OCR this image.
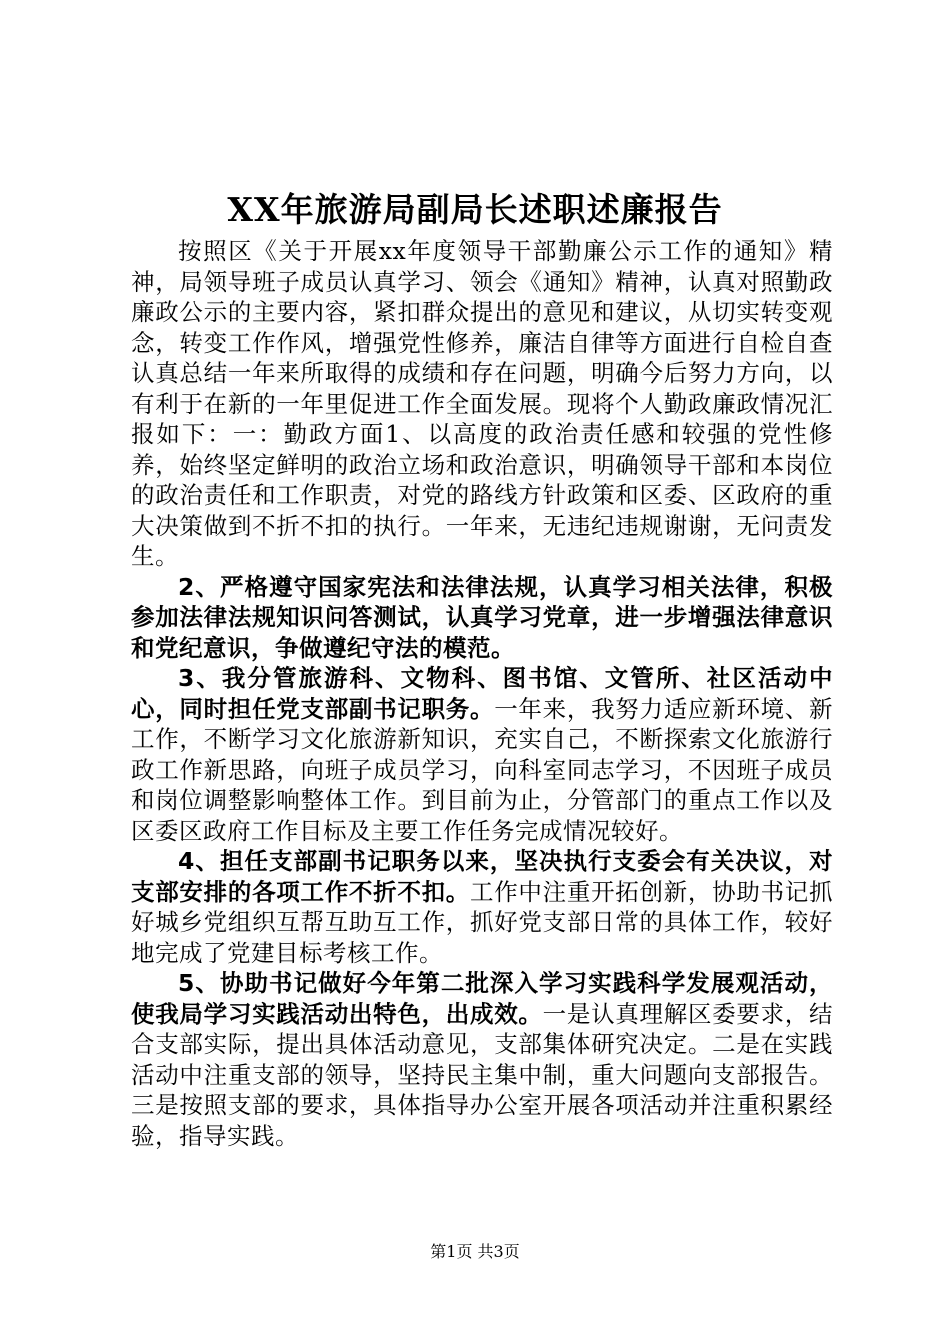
XX年旅游局副局长述职述廉报告

按照区《关于开展xx年度领导干部勤廉公示工作的通知》精神，局领导班子成员认真学习、领会《通知》精神，认真对照勤政廉政公示的主要内容，紧扣群众提出的意见和建议，从切实转变观念，转变工作作风，增强党性修养，廉洁自律等方面进行自检自查认真总结一年来所取得的成绩和存在问题，明确今后努力方向，以有利于在新的一年里促进工作全面发展。现将个人勤政廉政情况汇报如下：一：勤政方面1、以高度的政治责任感和较强的党性修养，始终坚定鲜明的政治立场和政治意识，明确领导干部和本岗位的政治责任和工作职责，对党的路线方针政策和区委、区政府的重大决策做到不折不扣的执行。一年来，无违纪违规谢谢，无问责发生。

2、严格遵守国家宪法和法律法规，认真学习相关法律，积极参加法律法规知识问答测试，认真学习党章，进一步增强法律意识和党纪意识，争做遵纪守法的模范。

3、我分管旅游科、文物科、图书馆、文管所、社区活动中心，同时担任党支部副书记职务。一年来，我努力适应新环境、新工作，不断学习文化旅游新知识，充实自己，不断探索文化旅游行政工作新思路，向班子成员学习，向科室同志学习，不因班子成员和岗位调整影响整体工作。到目前为止，分管部门的重点工作以及区委区政府工作目标及主要工作任务完成情况较好。

4、担任支部副书记职务以来，坚决执行支委会有关决议，对支部安排的各项工作不折不扣。工作中注重开拓创新，协助书记抓好城乡党组织互帮互助互工作，抓好党支部日常的具体工作，较好地完成了党建目标考核工作。

5、协助书记做好今年第二批深入学习实践科学发展观活动，使我局学习实践活动出特色，出成效。一是认真理解区委要求，结合支部实际，提出具体活动意见，支部集体研究决定。二是在实践活动中注重支部的领导，坚持民主集中制，重大问题向支部报告。三是按照支部的要求，具体指导办公室开展各项活动并注重积累经验，指导实践。

第1页 共3页
